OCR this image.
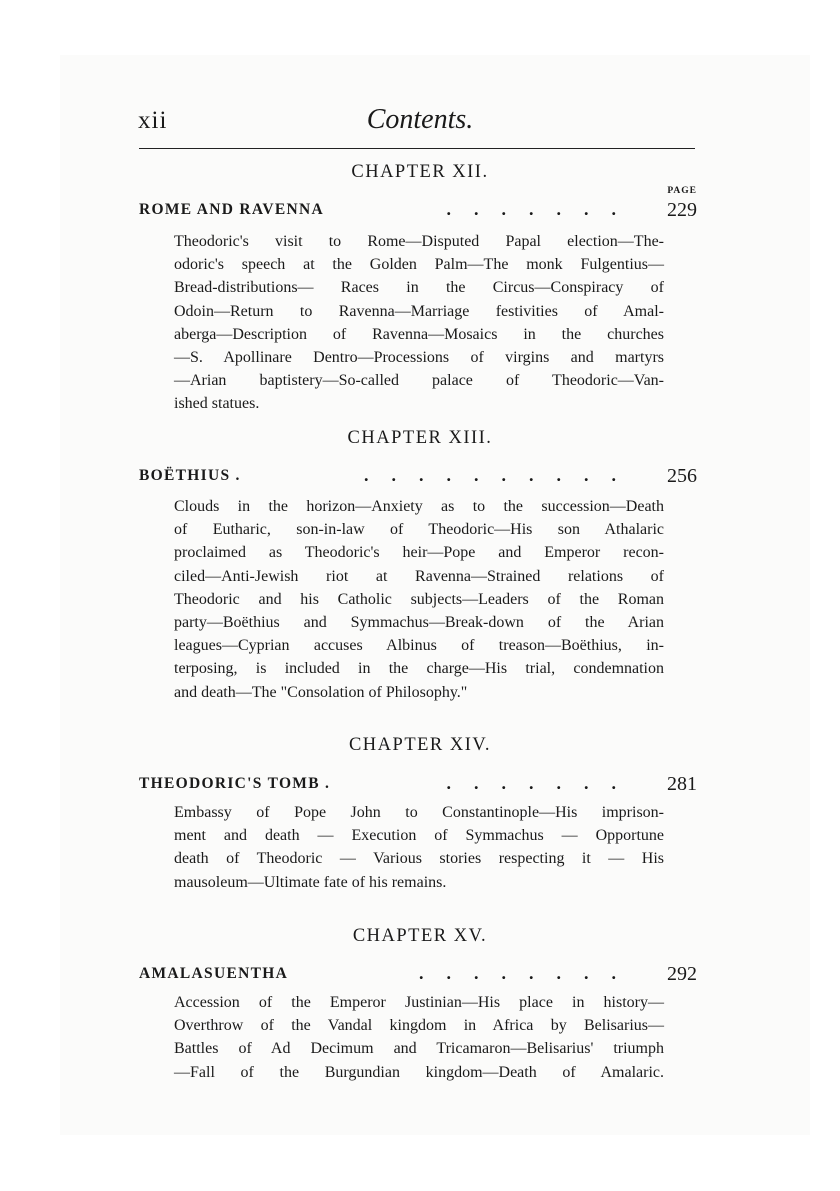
xii	Contents.
CHAPTER XII.
PAGE
ROME AND RAVENNA	....... 229
Theodoric's visit to Rome—Disputed Papal election—The-
odoric's speech at the Golden Palm—The monk Fulgentius—
Bread-distributions— Races in the Circus—Conspiracy of
Odoin—Return to Ravenna—Marriage festivities of Amal-
aberga—Description of Ravenna—Mosaics in the churches
—S. Apollinare Dentro—Processions of virgins and martyrs
—Arian baptistery—So-called palace of Theodoric—Van-
ished statues.
CHAPTER XIII.
BOËTHIUS .	.......... 256
Clouds in the horizon—Anxiety as to the succession—Death
of Eutharic, son-in-law of Theodoric—His son Athalaric
proclaimed as Theodoric's heir—Pope and Emperor recon-
ciled—Anti-Jewish riot at Ravenna—Strained relations of
Theodoric and his Catholic subjects—Leaders of the Roman
party—Boëthius and Symmachus—Break-down of the Arian
leagues—Cyprian accuses Albinus of treason—Boëthius, in-
terposing, is included in the charge—His trial, condemnation
and death—The "Consolation of Philosophy."
CHAPTER XIV.
THEODORIC'S TOMB .	....... 281
Embassy of Pope John to Constantinople—His imprison-
ment and death — Execution of Symmachus — Opportune
death of Theodoric — Various stories respecting it — His
mausoleum—Ultimate fate of his remains.
CHAPTER XV.
AMALASUENTHA	........ 292
Accession of the Emperor Justinian—His place in history—
Overthrow of the Vandal kingdom in Africa by Belisarius—
Battles of Ad Decimum and Tricamaron—Belisarius' triumph
—Fall of the Burgundian kingdom—Death of Amalaric.
